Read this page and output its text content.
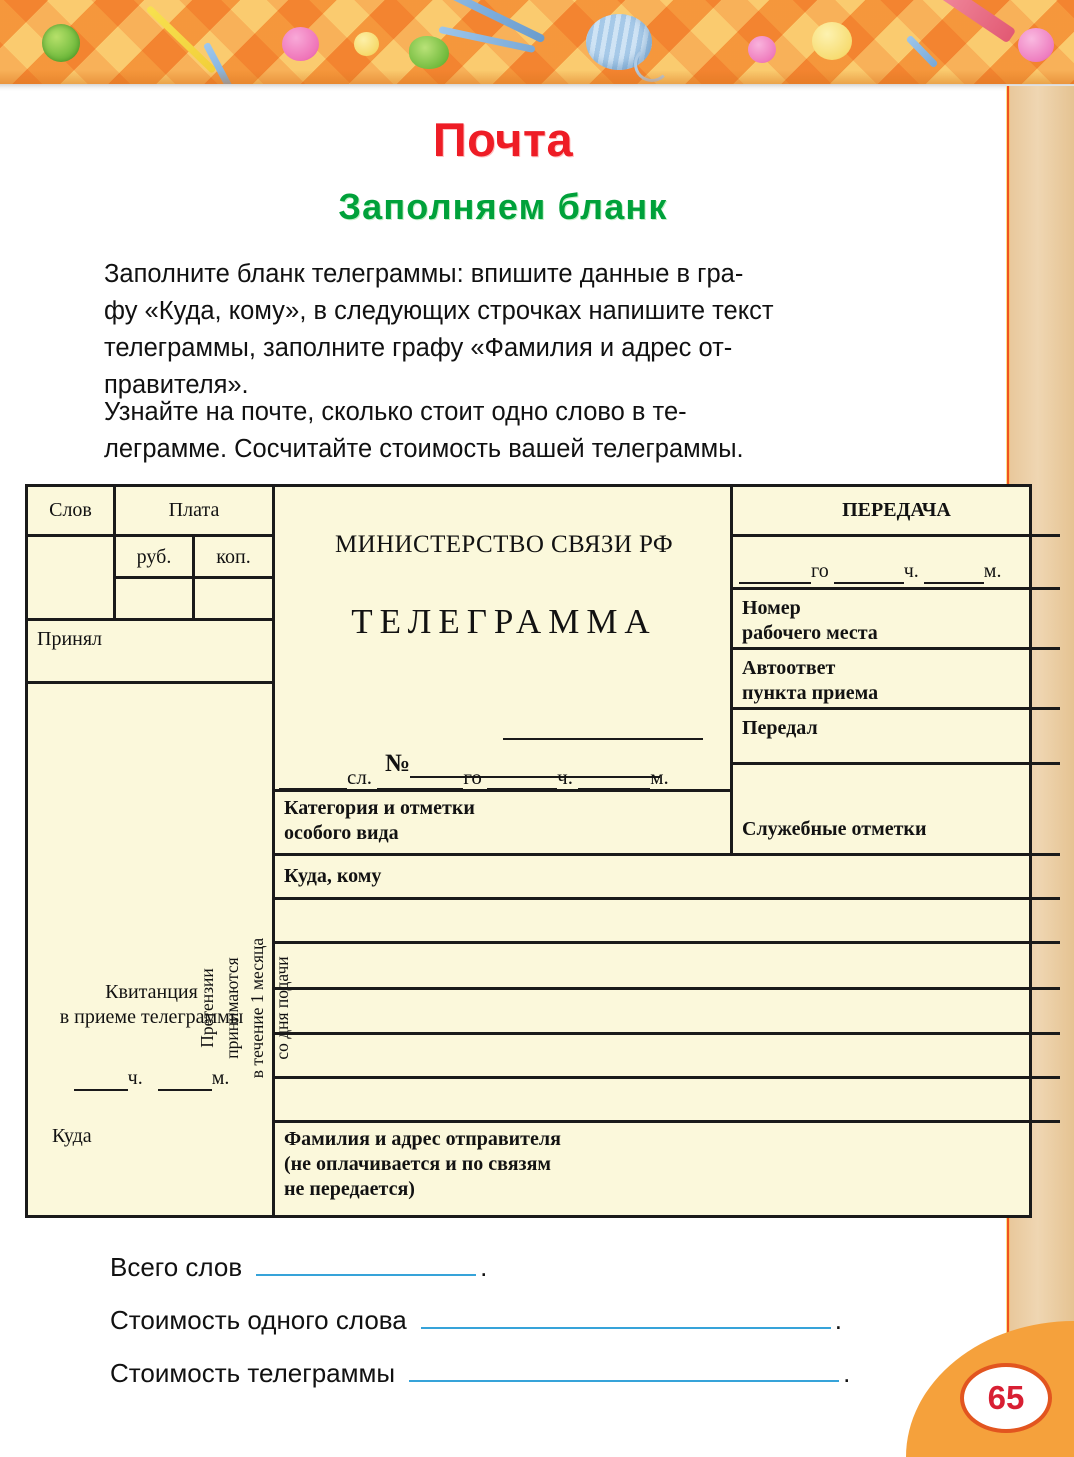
Почта
Заполняем бланк
Заполните бланк телеграммы: впишите данные в гра-
фу «Куда, кому», в следующих строчках напишите текст
телеграммы, заполните графу «Фамилия и адрес от-
правителя».
Узнайте на почте, сколько стоит одно слово в те-
леграмме. Сосчитайте стоимость вашей телеграммы.
Слов	Плата
руб.	коп.
Принял
Квитанция
в приеме телеграммы
ч.	м.
Куда
Претензии принимаются в течение 1 месяца со дня подачи
МИНИСТЕРСТВО СВЯЗИ РФ
ТЕЛЕГРАММА
№
сл.	го	ч.	м.
ПЕРЕДАЧА
го	ч.	м.
Номер
рабочего места
Автоответ
пункта приема
Передал
Служебные отметки
Категория и отметки
особого вида
Куда, кому
Фамилия и адрес отправителя
(не оплачивается и по связям
не передается)
Всего слов	.
Стоимость одного слова	.
Стоимость телеграммы	.
65
